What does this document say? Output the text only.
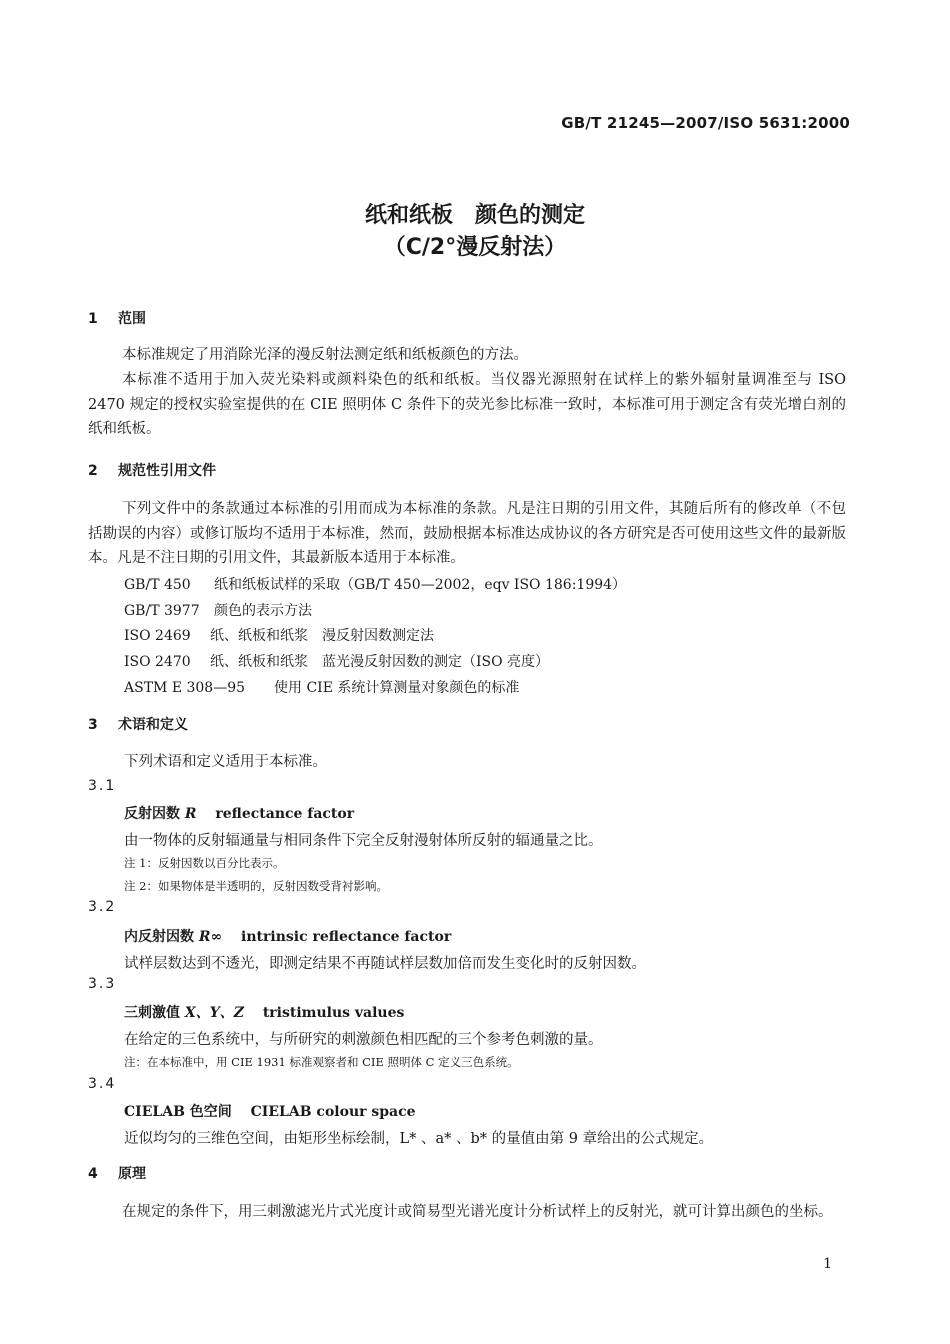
GB/T 21245—2007/ISO 5631:2000
纸和纸板　颜色的测定
（C/2°漫反射法）
1 范围
本标准规定了用消除光泽的漫反射法测定纸和纸板颜色的方法。
本标准不适用于加入荧光染料或颜料染色的纸和纸板。当仪器光源照射在试样上的紫外辐射量调准至与 ISO 2470 规定的授权实验室提供的在 CIE 照明体 C 条件下的荧光参比标准一致时，本标准可用于测定含有荧光增白剂的纸和纸板。
2 规范性引用文件
下列文件中的条款通过本标准的引用而成为本标准的条款。凡是注日期的引用文件，其随后所有的修改单（不包括勘误的内容）或修订版均不适用于本标准，然而，鼓励根据本标准达成协议的各方研究是否可使用这些文件的最新版本。凡是不注日期的引用文件，其最新版本适用于本标准。
GB/T 450 纸和纸板试样的采取（GB/T 450—2002，eqv ISO 186:1994）
GB/T 3977 颜色的表示方法
ISO 2469 纸、纸板和纸浆　漫反射因数测定法
ISO 2470 纸、纸板和纸浆　蓝光漫反射因数的测定（ISO 亮度）
ASTM E 308—95 使用 CIE 系统计算测量对象颜色的标准
3 术语和定义
下列术语和定义适用于本标准。
3.1
反射因数 R reflectance factor
由一物体的反射辐通量与相同条件下完全反射漫射体所反射的辐通量之比。
注 1：反射因数以百分比表示。
注 2：如果物体是半透明的，反射因数受背衬影响。
3.2
内反射因数 R∞ intrinsic reflectance factor
试样层数达到不透光，即测定结果不再随试样层数加倍而发生变化时的反射因数。
3.3
三刺激值 X、Y、Z tristimulus values
在给定的三色系统中，与所研究的刺激颜色相匹配的三个参考色刺激的量。
注：在本标准中，用 CIE 1931 标准观察者和 CIE 照明体 C 定义三色系统。
3.4
CIELAB 色空间 CIELAB colour space
近似均匀的三维色空间，由矩形坐标绘制，L* 、a* 、b* 的量值由第 9 章给出的公式规定。
4 原理
在规定的条件下，用三刺激滤光片式光度计或简易型光谱光度计分析试样上的反射光，就可计算出颜色的坐标。
1
